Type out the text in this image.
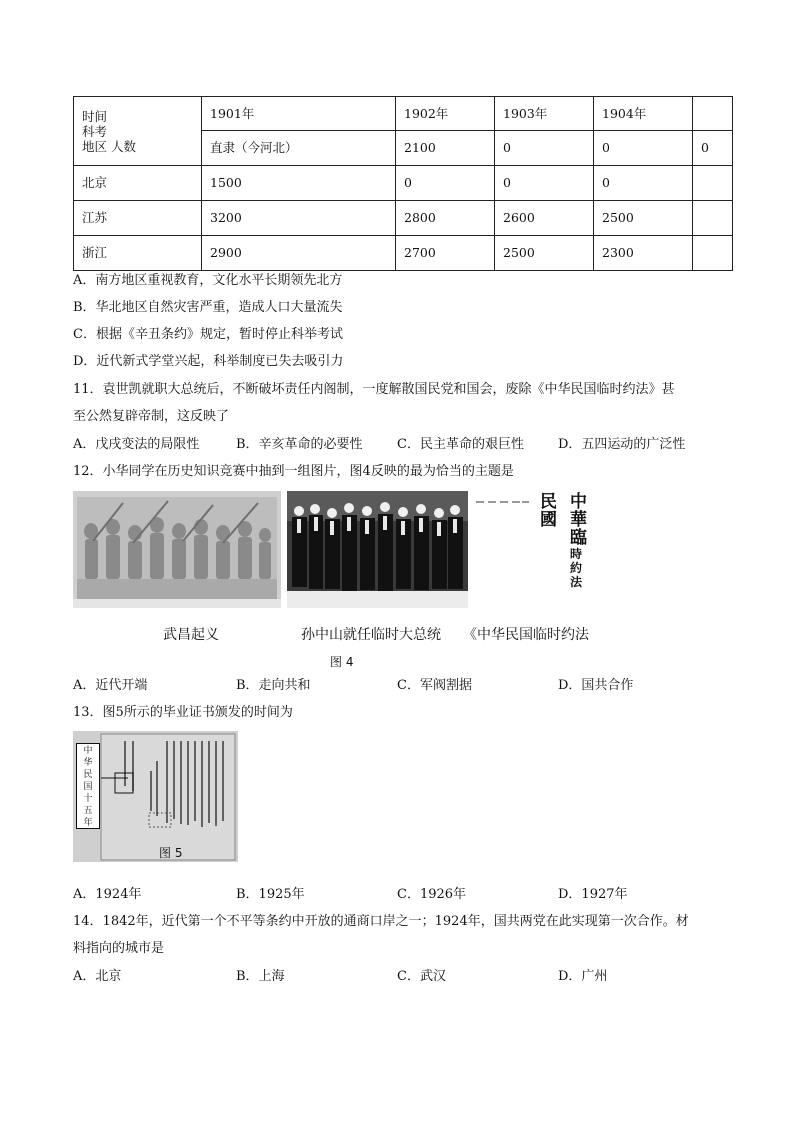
时间
科考
地区 人数	1901年	1902年	1903年	1904年		
	直隶（今河北）	2100	0	0	0	
北京	1500	0	0	0		
江苏	3200	2800	2600	2500		
浙江	2900	2700	2500	2300		
A．南方地区重视教育，文化水平长期领先北方
B．华北地区自然灾害严重，造成人口大量流失
C．根据《辛丑条约》规定，暂时停止科举考试
D．近代新式学堂兴起，科举制度已失去吸引力
11．袁世凯就职大总统后，不断破坏责任内阁制，一度解散国民党和国会，废除《中华民国临时约法》甚
至公然复辟帝制，这反映了
A．戊戌变法的局限性	B．辛亥革命的必要性	C．民主革命的艰巨性	D．五四运动的广泛性
12．小华同学在历史知识竞赛中抽到一组图片，图4反映的最为恰当的主题是
民
國
中
華
臨
時
約
法
武昌起义	孙中山就任临时大总统 《中华民国临时约法
图 4
A．近代开端	B．走向共和	C．军阀割据	D．国共合作
13．图5所示的毕业证书颁发的时间为
中
华
民
国
十
五
年
图 5
A．1924年	B．1925年	C．1926年	D．1927年
14．1842年，近代第一个不平等条约中开放的通商口岸之一；1924年，国共两党在此实现第一次合作。材
料指向的城市是
A．北京	B．上海	C．武汉	D．广州
